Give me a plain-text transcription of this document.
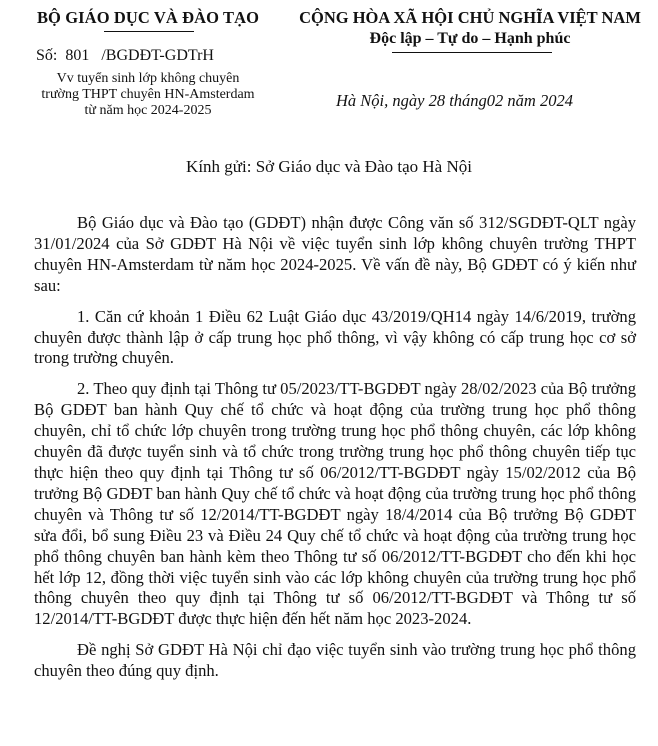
BỘ GIÁO DỤC VÀ ĐÀO TẠO
Số: 801 /BGDĐT-GDTrH
Vv tuyển sinh lớp không chuyên
trường THPT chuyên HN-Amsterdam
từ năm học 2024-2025
CỘNG HÒA XÃ HỘI CHỦ NGHĨA VIỆT NAM
Độc lập – Tự do – Hạnh phúc
Hà Nội, ngày 28 tháng02 năm 2024
Kính gửi: Sở Giáo dục và Đào tạo Hà Nội

Bộ Giáo dục và Đào tạo (GDĐT) nhận được Công văn số 312/SGDĐT-QLT ngày 31/01/2024 của Sở GDĐT Hà Nội về việc tuyển sinh lớp không chuyên trường THPT chuyên HN-Amsterdam từ năm học 2024-2025. Về vấn đề này, Bộ GDĐT có ý kiến như sau:

1. Căn cứ khoản 1 Điều 62 Luật Giáo dục 43/2019/QH14 ngày 14/6/2019, trường chuyên được thành lập ở cấp trung học phổ thông, vì vậy không có cấp trung học cơ sở trong trường chuyên.

2. Theo quy định tại Thông tư 05/2023/TT-BGDĐT ngày 28/02/2023 của Bộ trưởng Bộ GDĐT ban hành Quy chế tổ chức và hoạt động của trường trung học phổ thông chuyên, chỉ tổ chức lớp chuyên trong trường trung học phổ thông chuyên, các lớp không chuyên đã được tuyển sinh và tổ chức trong trường trung học phổ thông chuyên tiếp tục thực hiện theo quy định tại Thông tư số 06/2012/TT-BGDĐT ngày 15/02/2012 của Bộ trưởng Bộ GDĐT ban hành Quy chế tổ chức và hoạt động của trường trung học phổ thông chuyên và Thông tư số 12/2014/TT-BGDĐT ngày 18/4/2014 của Bộ trưởng Bộ GDĐT sửa đổi, bổ sung Điều 23 và Điều 24 Quy chế tổ chức và hoạt động của trường trung học phổ thông chuyên ban hành kèm theo Thông tư số 06/2012/TT-BGDĐT cho đến khi học hết lớp 12, đồng thời việc tuyển sinh vào các lớp không chuyên của trường trung học phổ thông chuyên theo quy định tại Thông tư số 06/2012/TT-BGDĐT và Thông tư số 12/2014/TT-BGDĐT được thực hiện đến hết năm học 2023-2024.

Đề nghị Sở GDĐT Hà Nội chỉ đạo việc tuyển sinh vào trường trung học phổ thông chuyên theo đúng quy định.
